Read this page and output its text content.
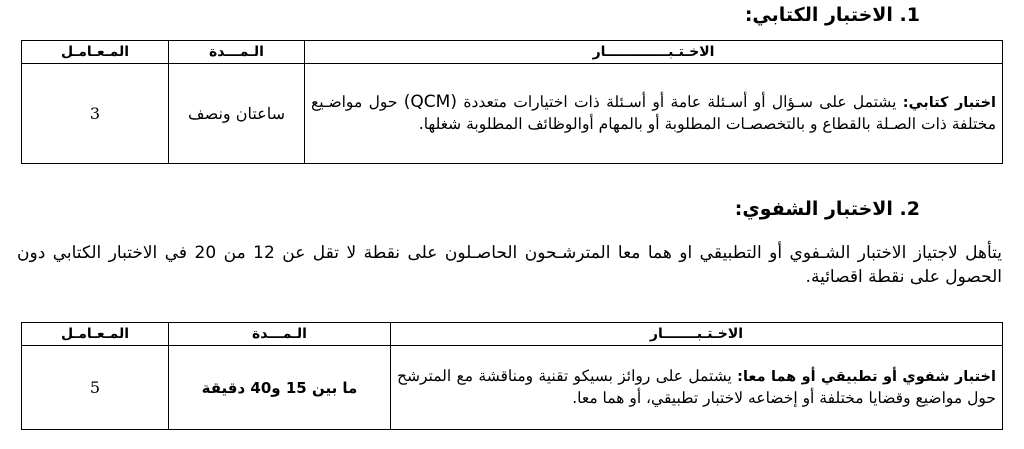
1. الاختبار الكتابي:
الاخـتـبـــــــــــــار	الـمـــدة	المـعـامـل
اختبار كتابي: يشتمل على سـؤال أو أسـئلة عامة أو أسـئلة ذات اختيارات متعددة (QCM) حول مواضـيع مختلفة ذات الصـلة بالقطاع و بالتخصصـات المطلوبة أو بالمهام أوالوظائف المطلوبة شغلها.	ساعتان ونصف	3
2. الاختبار الشفوي:
يتأهل لاجتياز الاختبار الشـفوي أو التطبيقي او هما معا المترشـحون الحاصـلون على نقطة لا تقل عن 12 من 20 في الاختبار الكتابي دون الحصول على نقطة اقصائية.
الاخـتـبـــــــار	الـمـــدة	المـعـامـل
اختبار شفوي أو تطبيقي أو هما معا: يشتمل على روائز بسيكو تقنية ومناقشة مع المترشح حول مواضيع وقضايا مختلفة أو إخضاعه لاختبار تطبيقي، أو هما معا.	ما بين 15 و40 دقيقة	5
